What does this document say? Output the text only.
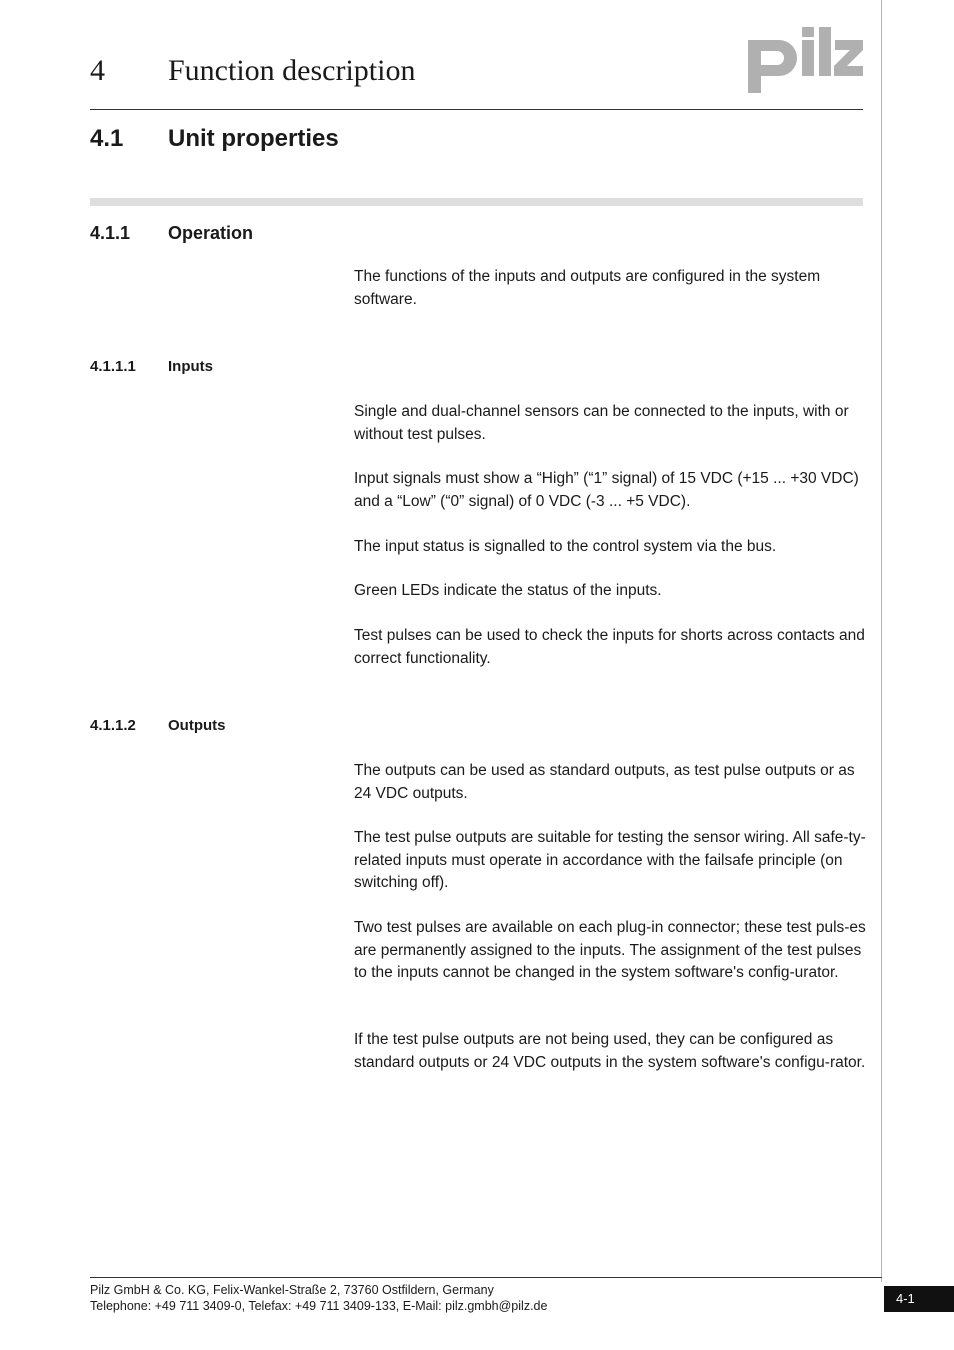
4 Function description
4.1 Unit properties
4.1.1 Operation

The functions of the inputs and outputs are configured in the system software.

4.1.1.1 Inputs

Single and dual-channel sensors can be connected to the inputs, with or without test pulses.

Input signals must show a “High” (“1” signal) of 15 VDC (+15 ... +30 VDC) and a “Low” (“0” signal) of 0 VDC (-3 ... +5 VDC).

The input status is signalled to the control system via the bus.

Green LEDs indicate the status of the inputs.

Test pulses can be used to check the inputs for shorts across contacts and correct functionality.

4.1.1.2 Outputs

The outputs can be used as standard outputs, as test pulse outputs or as 24 VDC outputs.

The test pulse outputs are suitable for testing the sensor wiring. All safe-ty-related inputs must operate in accordance with the failsafe principle (on switching off).

Two test pulses are available on each plug-in connector; these test puls-es are permanently assigned to the inputs. The assignment of the test pulses to the inputs cannot be changed in the system software's config-urator.

If the test pulse outputs are not being used, they can be configured as standard outputs or 24 VDC outputs in the system software's configu-rator.

Pilz GmbH & Co. KG, Felix-Wankel-Straße 2, 73760 Ostfildern, Germany
Telephone: +49 711 3409-0, Telefax: +49 711 3409-133, E-Mail: pilz.gmbh@pilz.de	4-1
